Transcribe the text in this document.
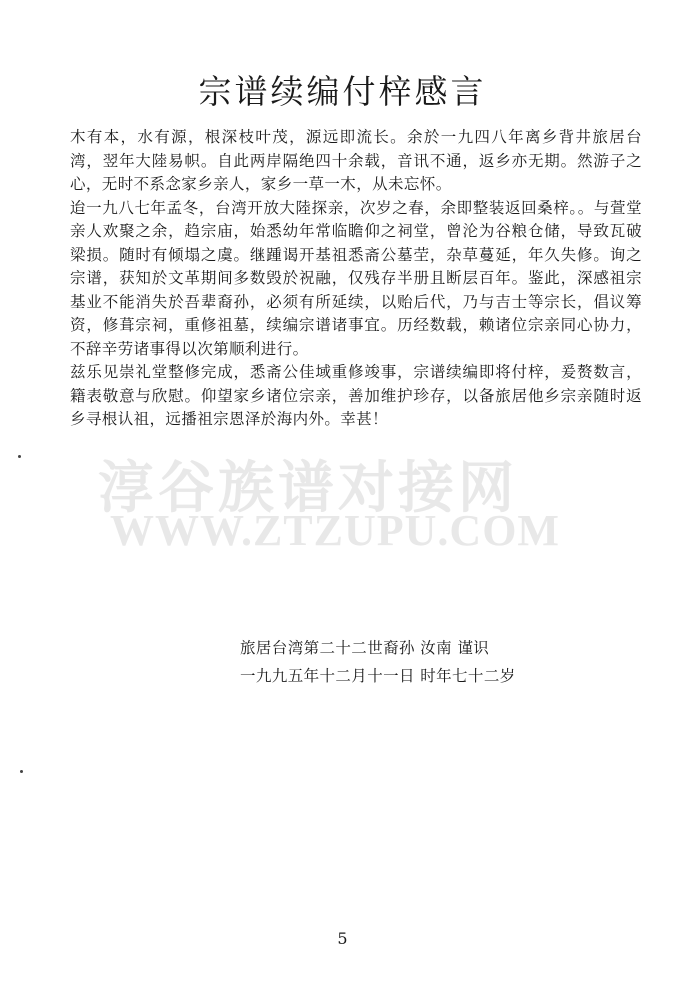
宗谱续编付梓感言

木有本，水有源，根深枝叶茂，源远即流长。余於一九四八年离乡背井旅居台湾，翌年大陸易帜。自此两岸隔绝四十余载，音讯不通，返乡亦无期。然游子之心，无时不系念家乡亲人，家乡一草一木，从未忘怀。

迨一九八七年孟冬，台湾开放大陸探亲，次岁之春，余即整装返回桑梓。。与萱堂亲人欢聚之余，趋宗庙，始悉幼年常临瞻仰之祠堂，曾沦为谷粮仓储，导致瓦破梁损。随时有倾塌之虞。继踵谒开基祖悉斋公墓茔，杂草蔓延，年久失修。询之宗谱，获知於文革期间多数毁於祝融，仅残存半册且断层百年。鉴此，深感祖宗基业不能消失於吾辈裔孙，必须有所延续，以贻后代，乃与吉士等宗长，倡议筹资，修葺宗祠，重修祖墓，续编宗谱诸事宜。历经数载，赖诸位宗亲同心协力，不辞辛劳诸事得以次第顺利进行。

兹乐见崇礼堂整修完成，悉斋公佳域重修竣事，宗谱续编即将付梓，爰赘数言，籍表敬意与欣慰。仰望家乡诸位宗亲，善加维护珍存，以备旅居他乡宗亲随时返乡寻根认祖，远播祖宗恩泽於海内外。幸甚！

淳谷族谱对接网
WWW.ZTZUPU.COM
旅居台湾第二十二世裔孙 汝南 谨识
一九九五年十二月十一日 时年七十二岁
5
